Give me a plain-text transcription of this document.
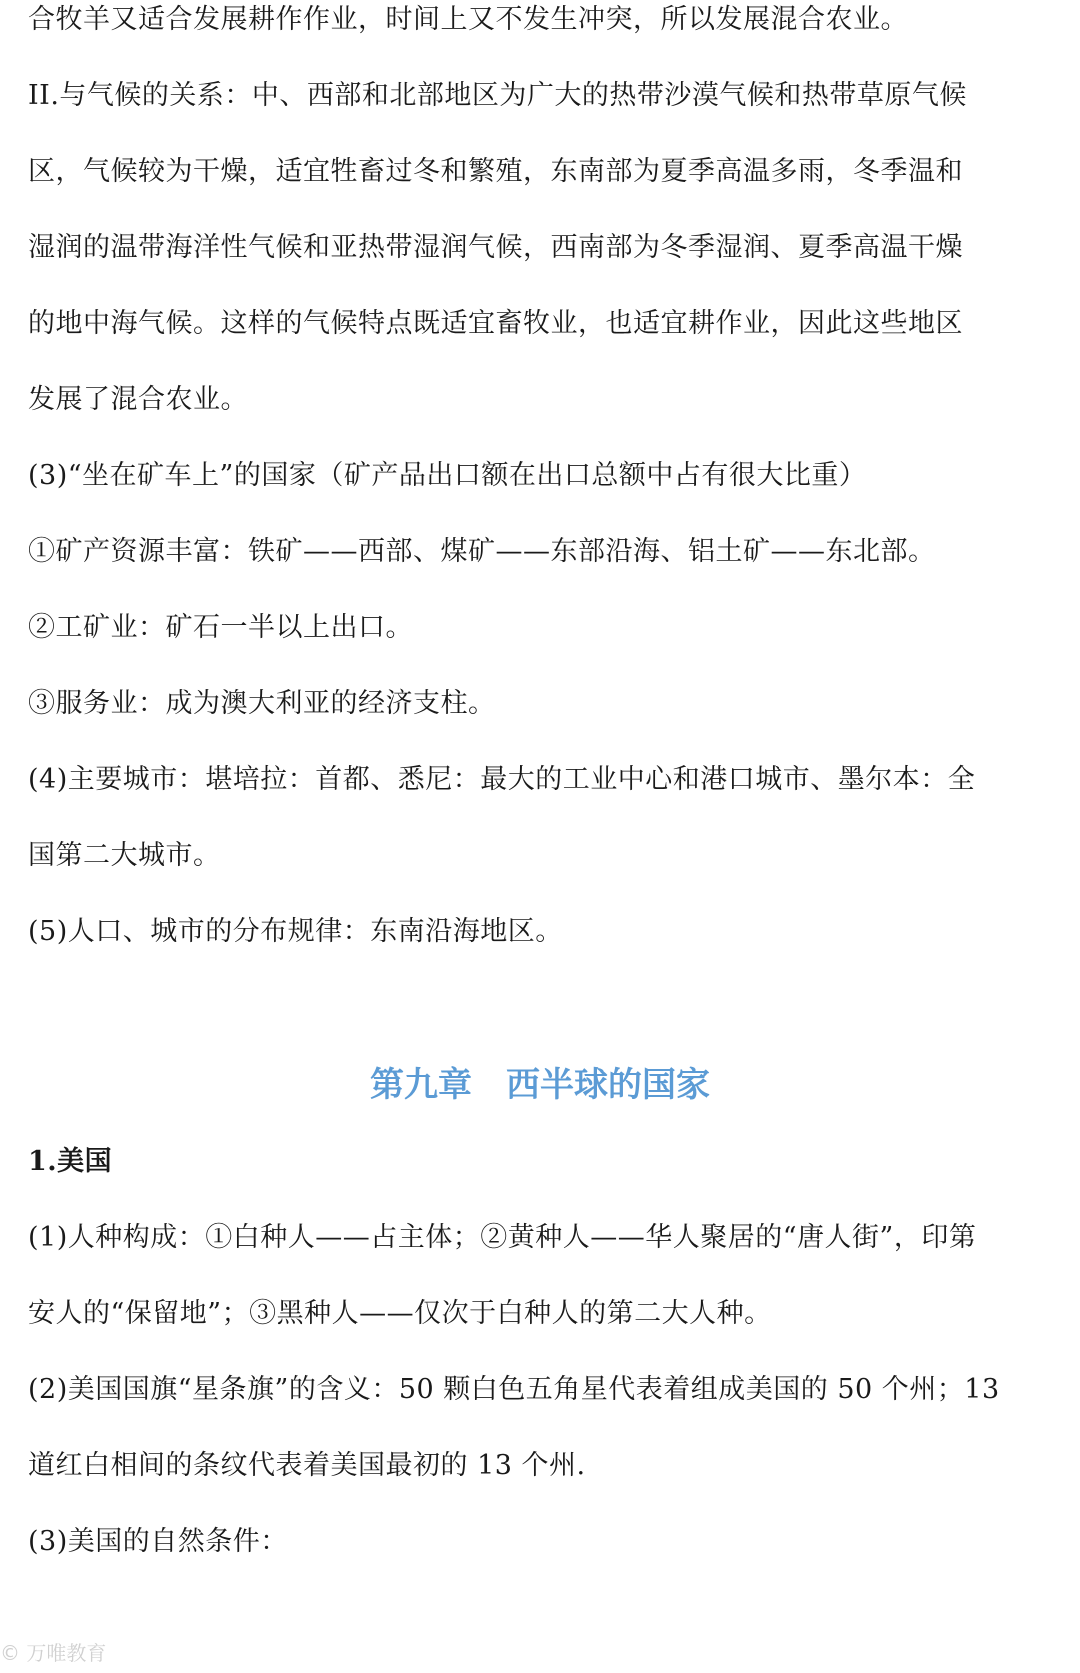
合牧羊又适合发展耕作作业，时间上又不发生冲突，所以发展混合农业。
II.与气候的关系：中、西部和北部地区为广大的热带沙漠气候和热带草原气候
区，气候较为干燥，适宜牲畜过冬和繁殖，东南部为夏季高温多雨，冬季温和
湿润的温带海洋性气候和亚热带湿润气候，西南部为冬季湿润、夏季高温干燥
的地中海气候。这样的气候特点既适宜畜牧业，也适宜耕作业，因此这些地区
发展了混合农业。
(3)“坐在矿车上”的国家（矿产品出口额在出口总额中占有很大比重）
①矿产资源丰富：铁矿——西部、煤矿——东部沿海、铝土矿——东北部。
②工矿业：矿石一半以上出口。
③服务业：成为澳大利亚的经济支柱。
(4)主要城市：堪培拉：首都、悉尼：最大的工业中心和港口城市、墨尔本：全
国第二大城市。
(5)人口、城市的分布规律：东南沿海地区。
第九章　西半球的国家
1.美国
(1)人种构成：①白种人——占主体；②黄种人——华人聚居的“唐人街”，印第
安人的“保留地”；③黑种人——仅次于白种人的第二大人种。
(2)美国国旗“星条旗”的含义：50 颗白色五角星代表着组成美国的 50 个州；13
道红白相间的条纹代表着美国最初的 13 个州.
(3)美国的自然条件：
© 万唯教育
